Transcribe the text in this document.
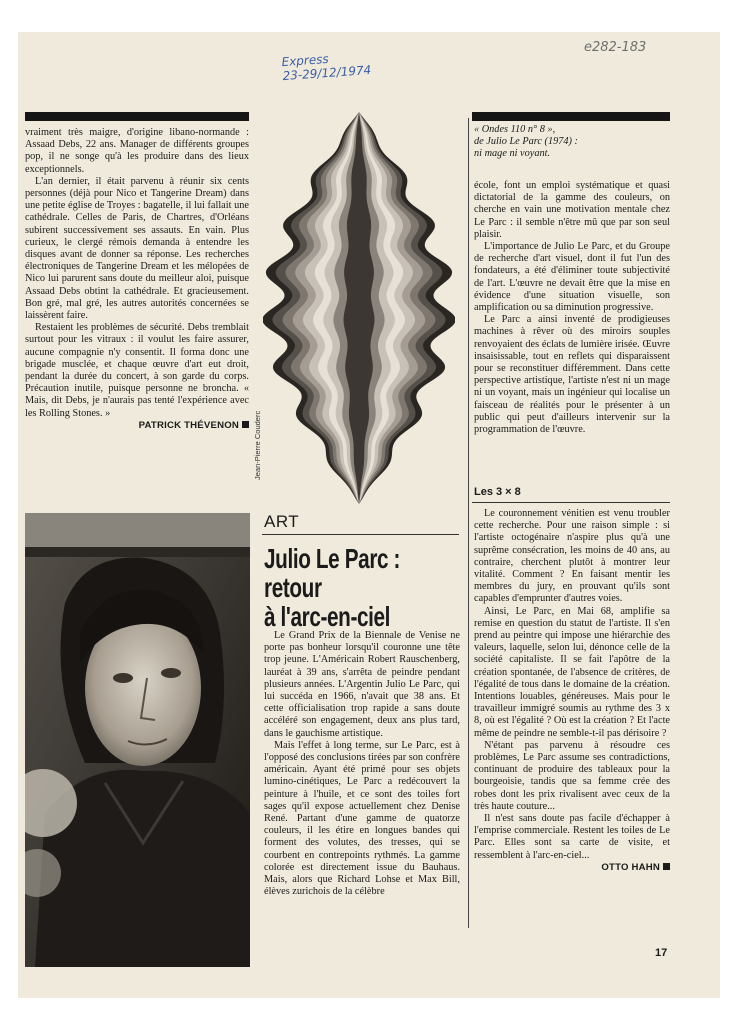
Express
23-29/12/1974
e282-183

vraiment très maigre, d'origine libano-normande : Assaad Debs, 22 ans. Manager de différents groupes pop, il ne songe qu'à les produire dans des lieux exceptionnels.

L'an dernier, il était parvenu à réunir six cents personnes (déjà pour Nico et Tangerine Dream) dans une petite église de Troyes : bagatelle, il lui fallait une cathédrale. Celles de Paris, de Chartres, d'Orléans subirent successivement ses assauts. En vain. Plus curieux, le clergé rémois demanda à entendre les disques avant de donner sa réponse. Les recherches électroniques de Tangerine Dream et les mélopées de Nico lui parurent sans doute du meilleur aloi, puisque Assaad Debs obtint la cathédrale. Et gracieusement. Bon gré, mal gré, les autres autorités concernées se laissèrent faire.

Restaient les problèmes de sécurité. Debs tremblait surtout pour les vitraux : il voulut les faire assurer, aucune compagnie n'y consentit. Il forma donc une brigade musclée, et chaque œuvre d'art eut droit, pendant la durée du concert, à son garde du corps. Précaution inutile, puisque personne ne broncha. « Mais, dit Debs, je n'aurais pas tenté l'expérience avec les Rolling Stones. »

PATRICK THÉVENON	Jean-Pierre Couderc
« Ondes 110 n° 8 »,
de Julio Le Parc (1974) :
ni mage ni voyant.

école, font un emploi systématique et quasi dictatorial de la gamme des couleurs, on cherche en vain une motivation mentale chez Le Parc : il semble n'être mû que par son seul plaisir.

L'importance de Julio Le Parc, et du Groupe de recherche d'art visuel, dont il fut l'un des fondateurs, a été d'éliminer toute subjectivité de l'art. L'œuvre ne devait être que la mise en évidence d'une situation visuelle, son amplification ou sa diminution progressive.

Le Parc a ainsi inventé de prodigieuses machines à rêver où des miroirs souples renvoyaient des éclats de lumière irisée. Œuvre insaisissable, tout en reflets qui disparaissent pour se reconstituer différemment. Dans cette perspective artistique, l'artiste n'est ni un mage ni un voyant, mais un ingénieur qui localise un faisceau de réalités pour le présenter à un public qui peut d'ailleurs intervenir sur la programmation de l'œuvre.

Les 3 × 8

Le couronnement vénitien est venu troubler cette recherche. Pour une raison simple : si l'artiste octogénaire n'aspire plus qu'à une suprême consécration, les moins de 40 ans, au contraire, cherchent plutôt à montrer leur vitalité. Comment ? En faisant mentir les membres du jury, en prouvant qu'ils sont capables d'emprunter d'autres voies.

Ainsi, Le Parc, en Mai 68, amplifie sa remise en question du statut de l'artiste. Il s'en prend au peintre qui impose une hiérarchie des valeurs, laquelle, selon lui, dénonce celle de la société capitaliste. Il se fait l'apôtre de la création spontanée, de l'absence de critères, de l'égalité de tous dans le domaine de la création. Intentions louables, généreuses. Mais pour le travailleur immigré soumis au rythme des 3 x 8, où est l'égalité ? Où est la création ? Et l'acte même de peindre ne semble-t-il pas dérisoire ?

N'étant pas parvenu à résoudre ces problèmes, Le Parc assume ses contradictions, continuant de produire des tableaux pour la bourgeoisie, tandis que sa femme crée des robes dont les prix rivalisent avec ceux de la très haute couture...

Il n'est sans doute pas facile d'échapper à l'emprise commerciale. Restent les toiles de Le Parc. Elles sont sa carte de visite, et ressemblent à l'arc-en-ciel...

OTTO HAHN
ART
Julio Le Parc :
retour
à l'arc-en-ciel

Le Grand Prix de la Biennale de Venise ne porte pas bonheur lorsqu'il couronne une tête trop jeune. L'Américain Robert Rauschenberg, lauréat à 39 ans, s'arrêta de peindre pendant plusieurs années. L'Argentin Julio Le Parc, qui lui succéda en 1966, n'avait que 38 ans. Et cette officialisation trop rapide a sans doute accéléré son engagement, deux ans plus tard, dans le gauchisme artistique.

Mais l'effet à long terme, sur Le Parc, est à l'opposé des conclusions tirées par son confrère américain. Ayant été primé pour ses objets lumino-cinétiques, Le Parc a redécouvert la peinture à l'huile, et ce sont des toiles fort sages qu'il expose actuellement chez Denise René. Partant d'une gamme de quatorze couleurs, il les étire en longues bandes qui forment des volutes, des tresses, qui se courbent en contrepoints rythmés. La gamme colorée est directement issue du Bauhaus. Mais, alors que Richard Lohse et Max Bill, élèves zurichois de la célèbre

17
